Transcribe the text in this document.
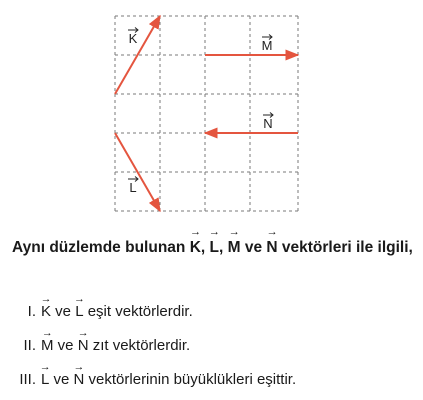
K	M
N
L
Aynı düzlemde bulunan → K, → L, → M ve → N vektörleri ile ilgili,
I. → K ve → L eşit vektörlerdir.
II. → M ve → N zıt vektörlerdir.
III. → L ve → N vektörlerinin büyüklükleri eşittir.
